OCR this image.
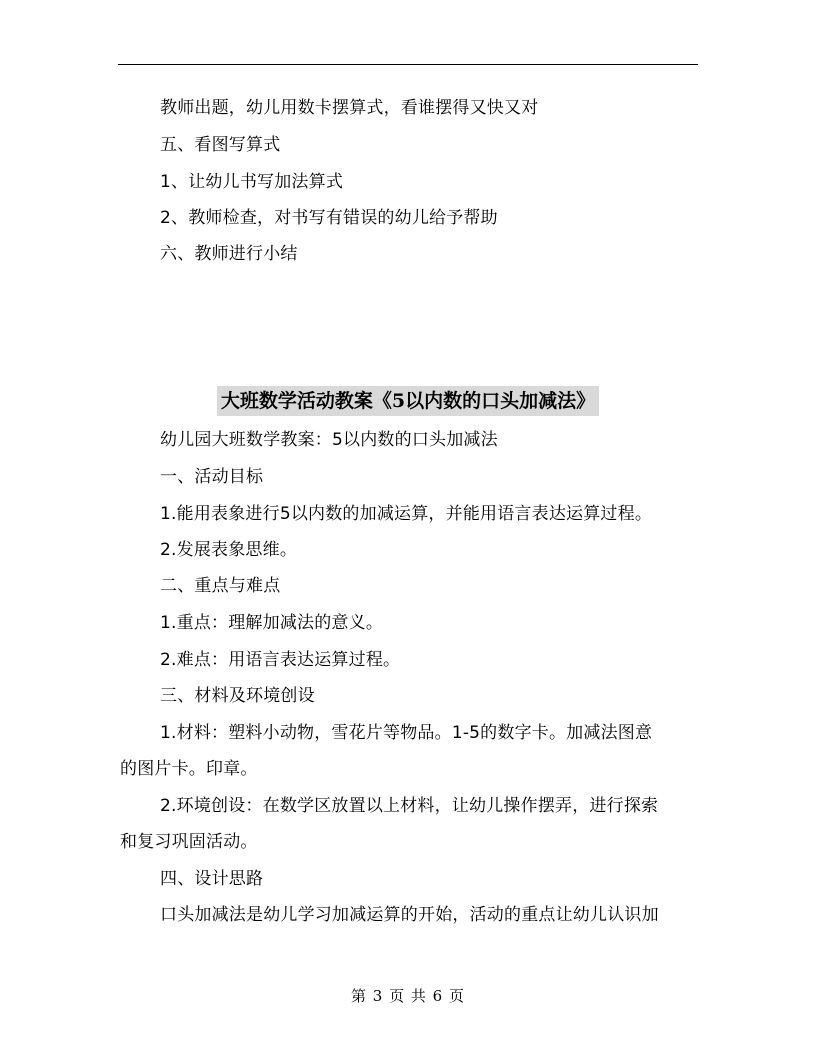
教师出题，幼儿用数卡摆算式，看谁摆得又快又对
五、看图写算式
1、让幼儿书写加法算式
2、教师检查，对书写有错误的幼儿给予帮助
六、教师进行小结
大班数学活动教案《5以内数的口头加减法》
幼儿园大班数学教案：5以内数的口头加减法
一、活动目标
1.能用表象进行5以内数的加减运算，并能用语言表达运算过程。
2.发展表象思维。
二、重点与难点
1.重点：理解加减法的意义。
2.难点：用语言表达运算过程。
三、材料及环境创设
1.材料：塑料小动物，雪花片等物品。1-5的数字卡。加减法图意
的图片卡。印章。
2.环境创设：在数学区放置以上材料，让幼儿操作摆弄，进行探索
和复习巩固活动。
四、设计思路
口头加减法是幼儿学习加减运算的开始，活动的重点让幼儿认识加
第 3 页 共 6 页
